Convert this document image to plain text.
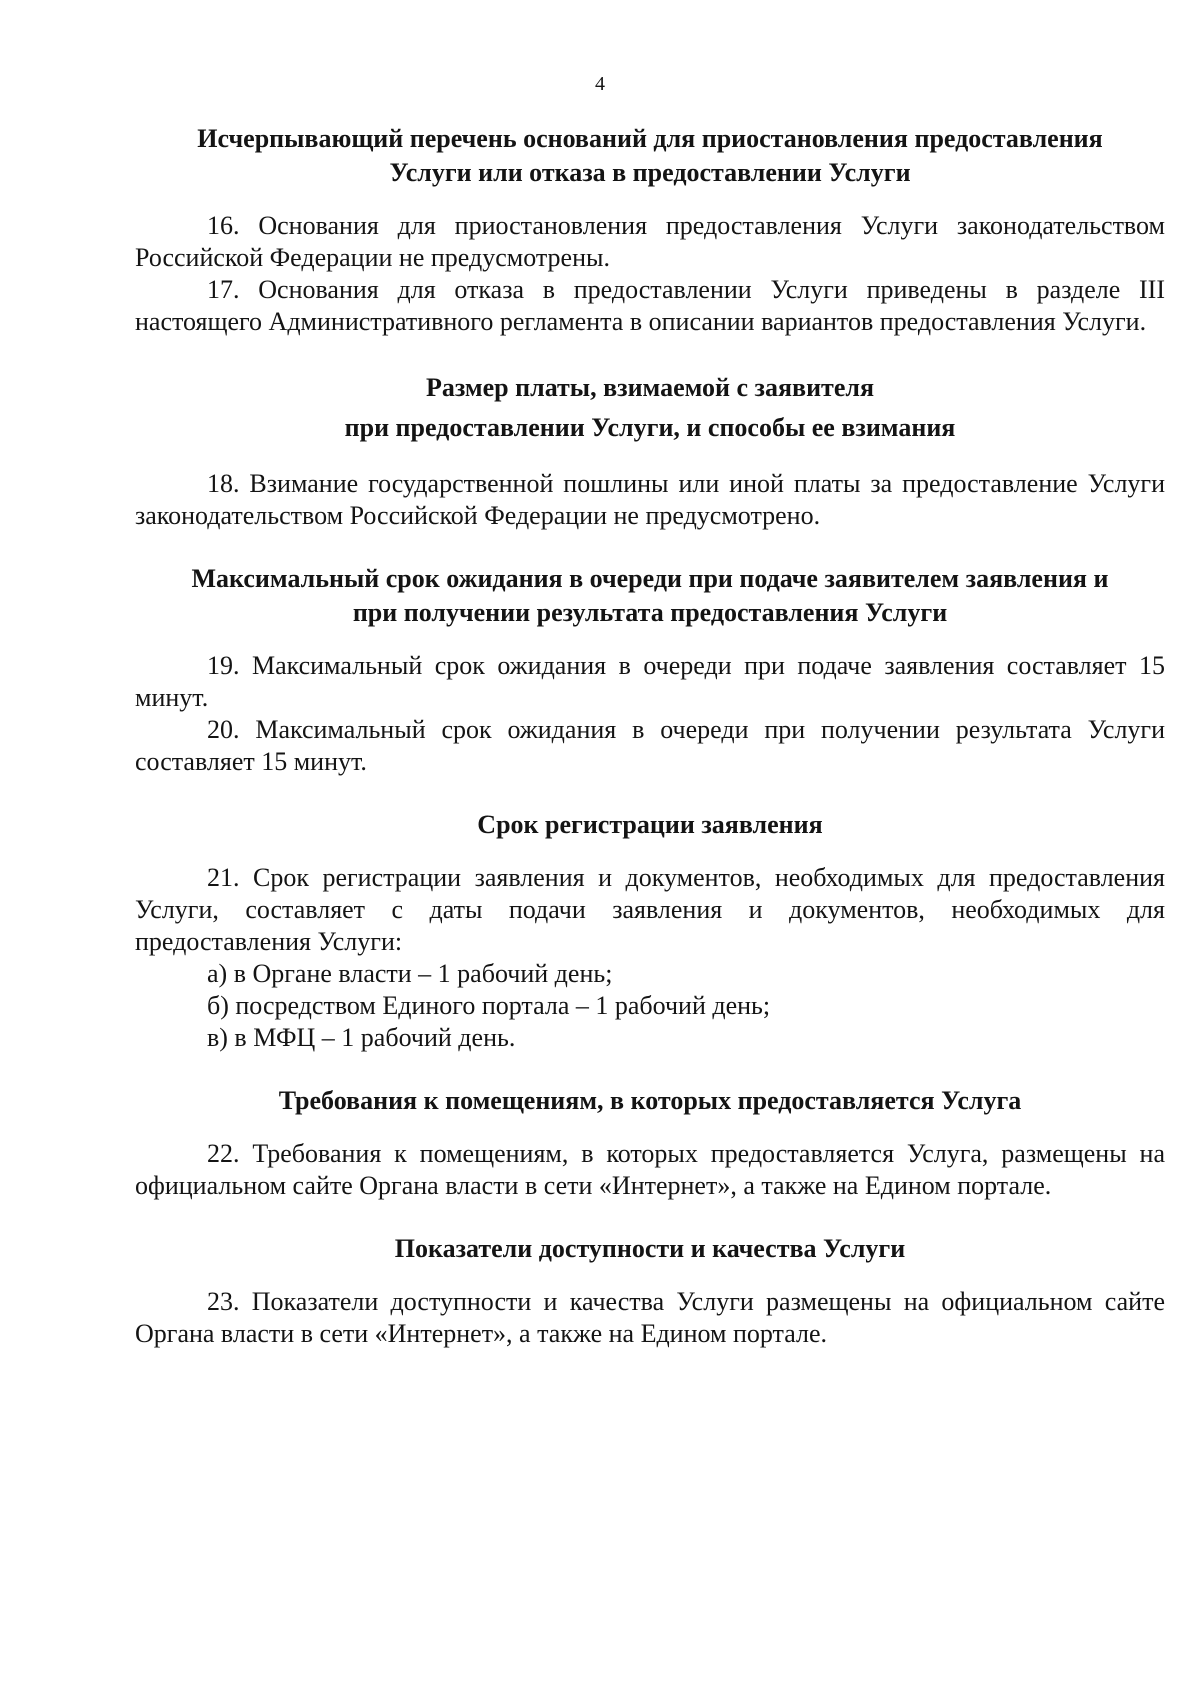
4

Исчерпывающий перечень оснований для приостановления предоставления
Услуги или отказа в предоставлении Услуги

16. Основания для приостановления предоставления Услуги законодательством Российской Федерации не предусмотрены.

17. Основания для отказа в предоставлении Услуги приведены в разделе III настоящего Административного регламента в описании вариантов предоставления Услуги.

Размер платы, взимаемой с заявителя
при предоставлении Услуги, и способы ее взимания

18. Взимание государственной пошлины или иной платы за предоставление Услуги законодательством Российской Федерации не предусмотрено.

Максимальный срок ожидания в очереди при подаче заявителем заявления и
при получении результата предоставления Услуги

19. Максимальный срок ожидания в очереди при подаче заявления составляет 15 минут.

20. Максимальный срок ожидания в очереди при получении результата Услуги составляет 15 минут.

Срок регистрации заявления

21. Срок регистрации заявления и документов, необходимых для предоставления Услуги, составляет с даты подачи заявления и документов, необходимых для предоставления Услуги:

а) в Органе власти – 1 рабочий день;

б) посредством Единого портала – 1 рабочий день;

в) в МФЦ – 1 рабочий день.

Требования к помещениям, в которых предоставляется Услуга

22. Требования к помещениям, в которых предоставляется Услуга, размещены на официальном сайте Органа власти в сети «Интернет», а также на Едином портале.

Показатели доступности и качества Услуги

23. Показатели доступности и качества Услуги размещены на официальном сайте Органа власти в сети «Интернет», а также на Едином портале.
